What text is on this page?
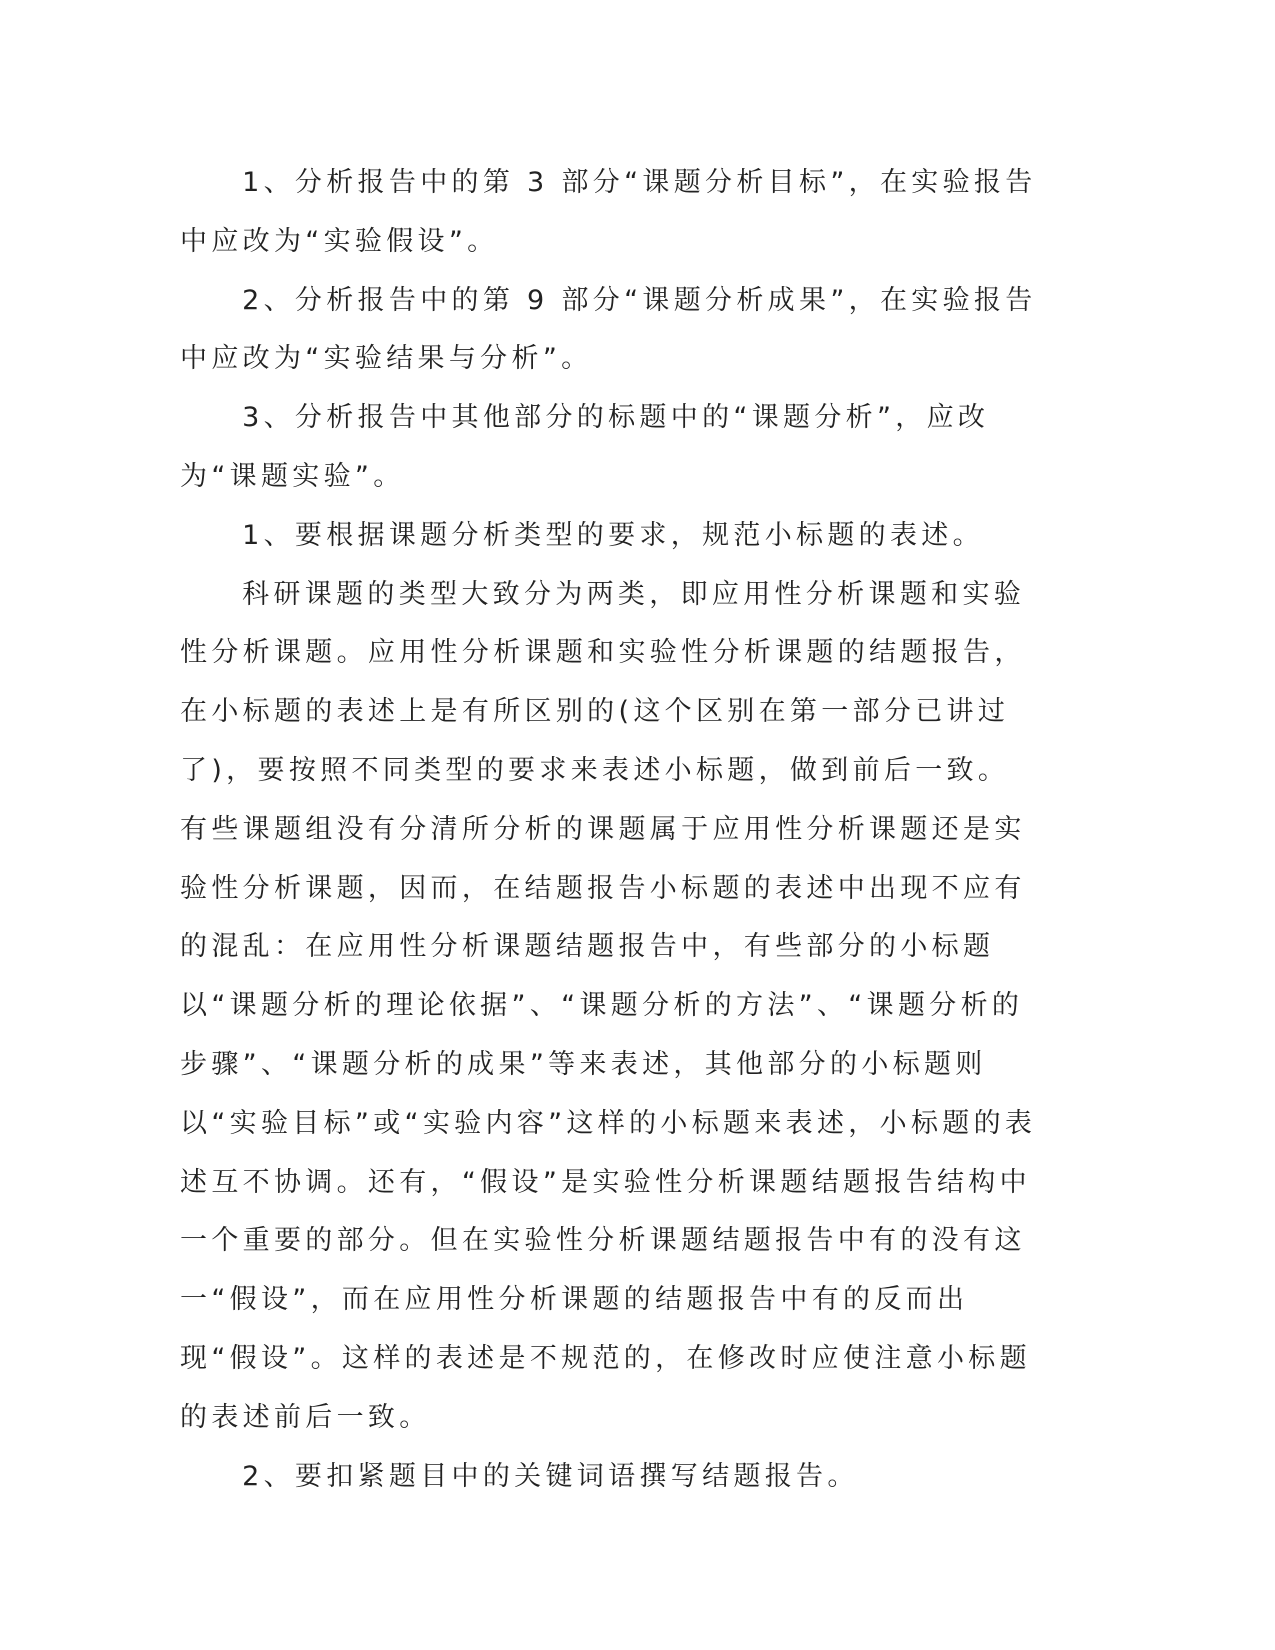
1、分析报告中的第 3 部分“课题分析目标”，在实验报告中应改为“实验假设”。

2、分析报告中的第 9 部分“课题分析成果”，在实验报告中应改为“实验结果与分析”。

3、分析报告中其他部分的标题中的“课题分析”，应改为“课题实验”。

1、要根据课题分析类型的要求，规范小标题的表述。

科研课题的类型大致分为两类，即应用性分析课题和实验性分析课题。应用性分析课题和实验性分析课题的结题报告，在小标题的表述上是有所区别的(这个区别在第一部分已讲过了)，要按照不同类型的要求来表述小标题，做到前后一致。有些课题组没有分清所分析的课题属于应用性分析课题还是实验性分析课题，因而，在结题报告小标题的表述中出现不应有的混乱：在应用性分析课题结题报告中，有些部分的小标题以“课题分析的理论依据”、“课题分析的方法”、“课题分析的步骤”、“课题分析的成果”等来表述，其他部分的小标题则以“实验目标”或“实验内容”这样的小标题来表述，小标题的表述互不协调。还有，“假设”是实验性分析课题结题报告结构中一个重要的部分。但在实验性分析课题结题报告中有的没有这一“假设”，而在应用性分析课题的结题报告中有的反而出现“假设”。这样的表述是不规范的，在修改时应使注意小标题的表述前后一致。

2、要扣紧题目中的关键词语撰写结题报告。
